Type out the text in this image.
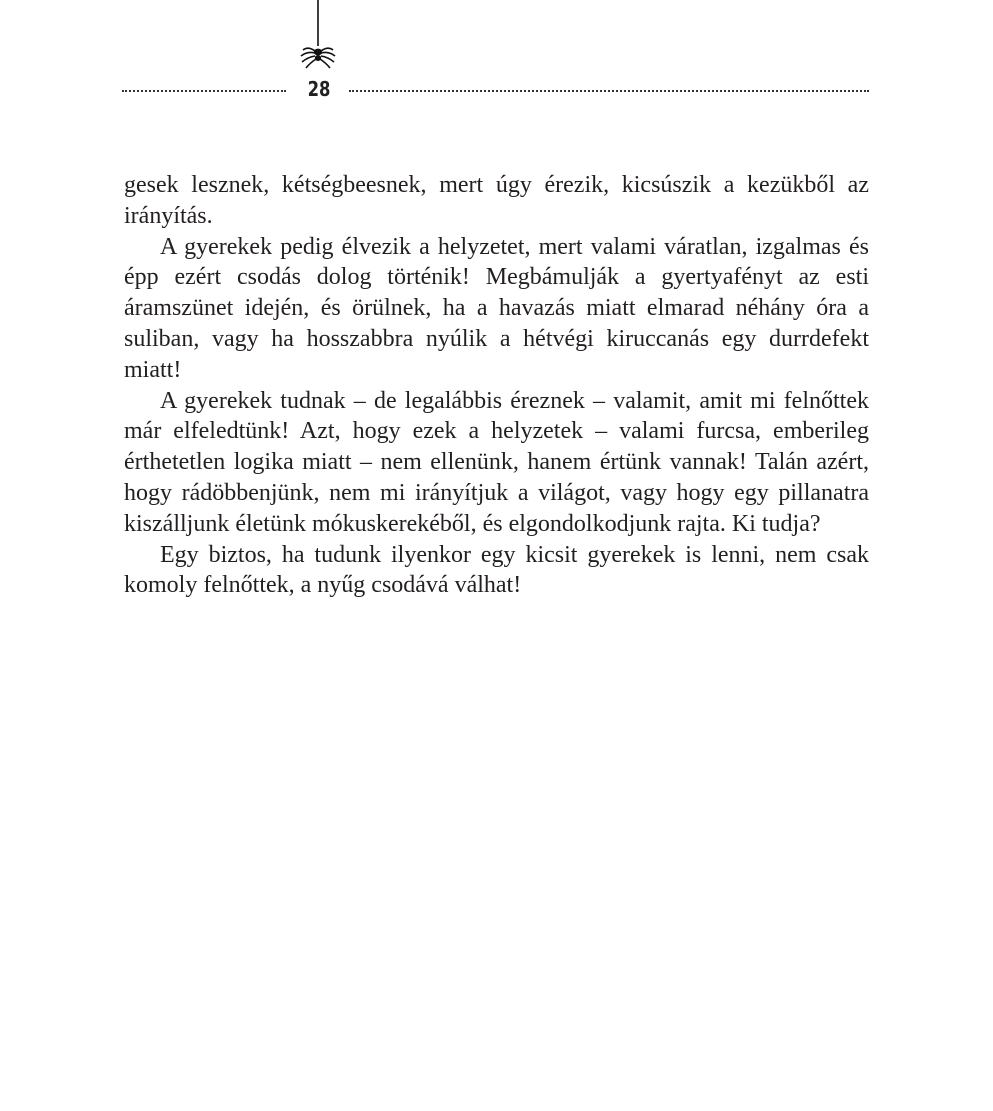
28

gesek lesznek, kétségbeesnek, mert úgy érezik, kicsúszik a kezükből az irányítás.

A gyerekek pedig élvezik a helyzetet, mert valami váratlan, izgalmas és épp ezért csodás dolog történik! Megbámulják a gyertyafényt az esti áramszünet idején, és örülnek, ha a havazás miatt elmarad néhány óra a suliban, vagy ha hosszabbra nyúlik a hétvégi kiruccanás egy durrdefekt miatt!

A gyerekek tudnak – de legalábbis éreznek – valamit, amit mi felnőttek már elfeledtünk! Azt, hogy ezek a helyzetek – valami furcsa, emberileg érthetetlen logika miatt – nem ellenünk, hanem értünk vannak! Talán azért, hogy rádöbbenjünk, nem mi irányítjuk a világot, vagy hogy egy pillanatra kiszálljunk életünk mókuskerekéből, és elgondolkodjunk rajta. Ki tudja?

Egy biztos, ha tudunk ilyenkor egy kicsit gyerekek is lenni, nem csak komoly felnőttek, a nyűg csodává válhat!
